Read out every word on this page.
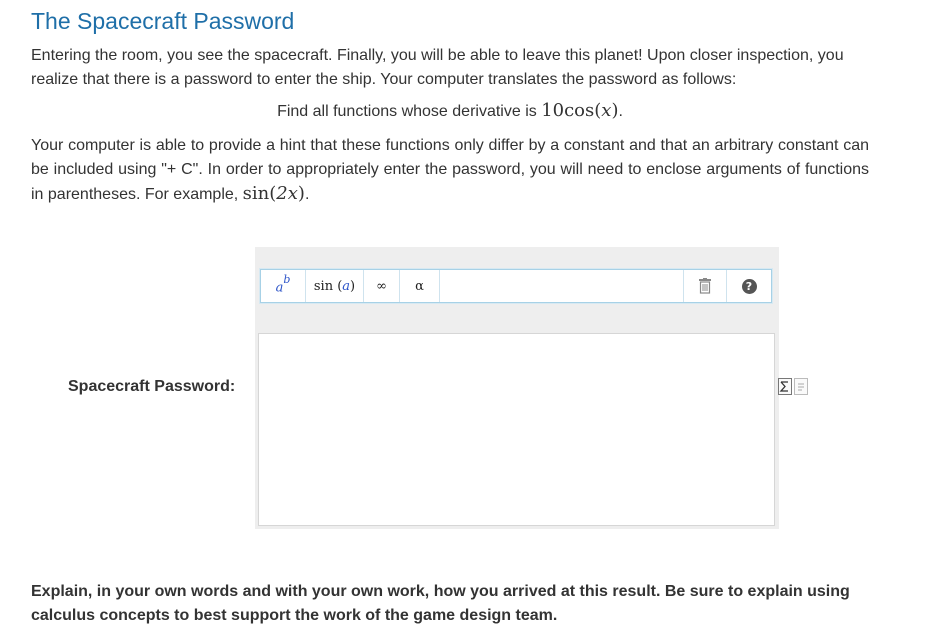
The Spacecraft Password

Entering the room, you see the spacecraft. Finally, you will be able to leave this planet! Upon closer inspection, you realize that there is a password to enter the ship. Your computer translates the password as follows:

Find all functions whose derivative is 10cos(x).

Your computer is able to provide a hint that these functions only differ by a constant and that an arbitrary constant can be included using "+ C". In order to appropriately enter the password, you will need to enclose arguments of functions in parentheses. For example, sin(2x).

Spacecraft Password:
$a^b$ sin ( a )	∞	α	?

Explain, in your own words and with your own work, how you arrived at this result. Be sure to explain using calculus concepts to best support the work of the game design team.
